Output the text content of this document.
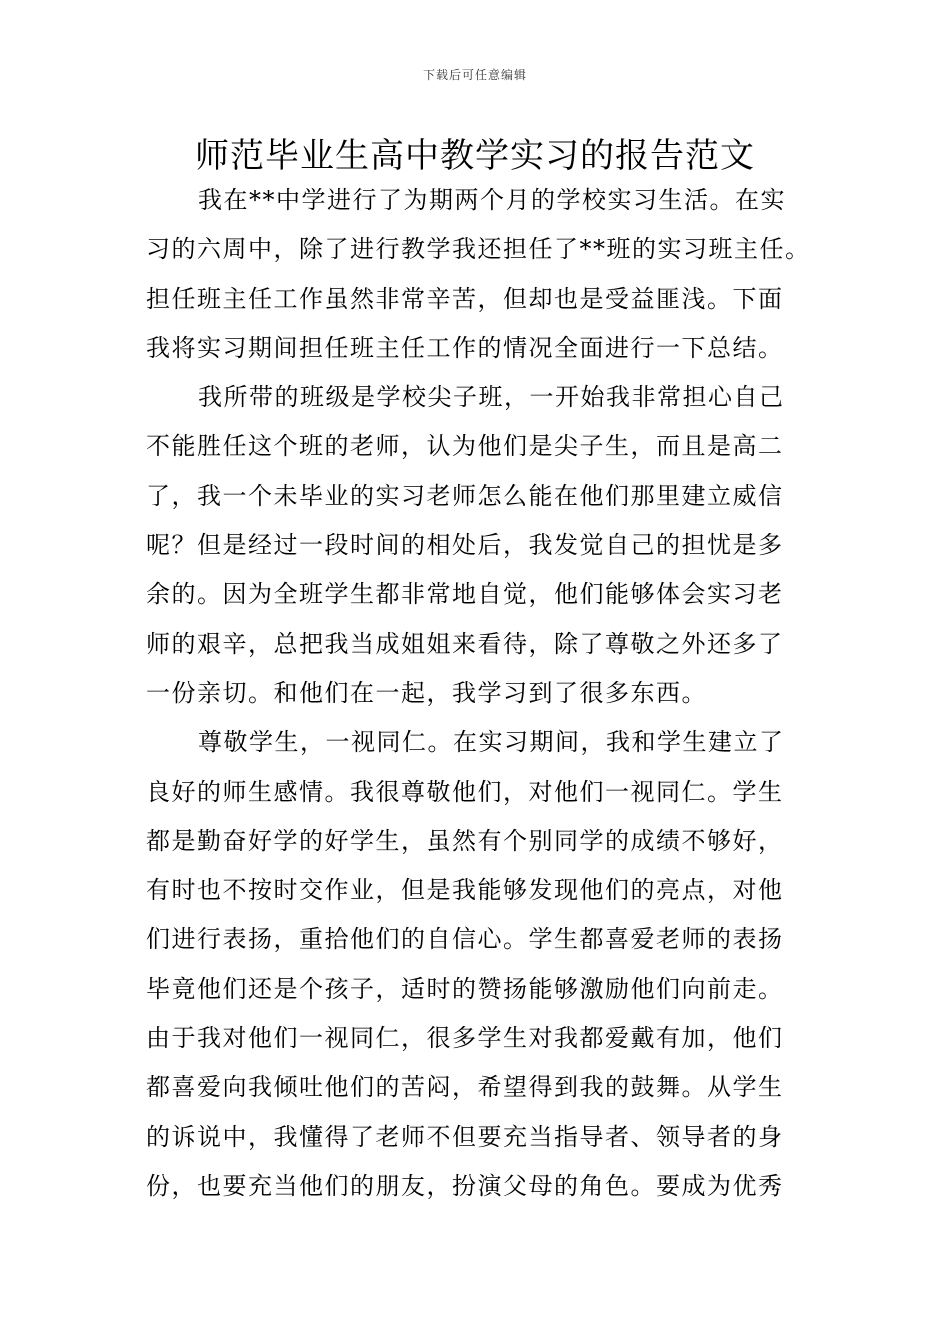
下载后可任意编辑
师范毕业生高中教学实习的报告范文
我在**中学进行了为期两个月的学校实习生活。在实
习的六周中，除了进行教学我还担任了**班的实习班主任。
担任班主任工作虽然非常辛苦，但却也是受益匪浅。下面
我将实习期间担任班主任工作的情况全面进行一下总结。
我所带的班级是学校尖子班，一开始我非常担心自己
不能胜任这个班的老师，认为他们是尖子生，而且是高二
了，我一个未毕业的实习老师怎么能在他们那里建立威信
呢？但是经过一段时间的相处后，我发觉自己的担忧是多
余的。因为全班学生都非常地自觉，他们能够体会实习老
师的艰辛，总把我当成姐姐来看待，除了尊敬之外还多了
一份亲切。和他们在一起，我学习到了很多东西。
尊敬学生，一视同仁。在实习期间，我和学生建立了
良好的师生感情。我很尊敬他们，对他们一视同仁。学生
都是勤奋好学的好学生，虽然有个别同学的成绩不够好，
有时也不按时交作业，但是我能够发现他们的亮点，对他
们进行表扬，重拾他们的自信心。学生都喜爱老师的表扬
毕竟他们还是个孩子，适时的赞扬能够激励他们向前走。
由于我对他们一视同仁，很多学生对我都爱戴有加，他们
都喜爱向我倾吐他们的苦闷，希望得到我的鼓舞。从学生
的诉说中，我懂得了老师不但要充当指导者、领导者的身
份，也要充当他们的朋友，扮演父母的角色。要成为优秀
